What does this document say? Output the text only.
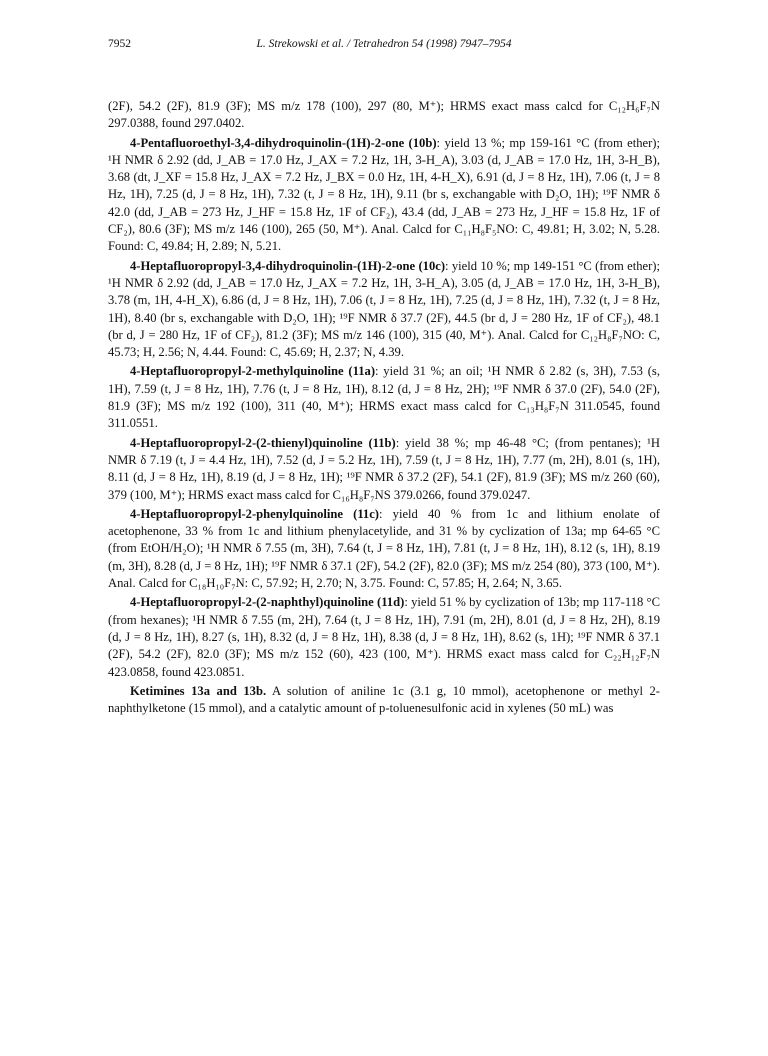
7952	L. Strekowski et al. / Tetrahedron 54 (1998) 7947–7954

(2F), 54.2 (2F), 81.9 (3F); MS m/z 178 (100), 297 (80, M⁺); HRMS exact mass calcd for C₁₂H₆F₇N 297.0388, found 297.0402.

4-Pentafluoroethyl-3,4-dihydroquinolin-(1H)-2-one (10b): yield 13 %; mp 159-161 °C (from ether); ¹H NMR δ 2.92 (dd, J_AB = 17.0 Hz, J_AX = 7.2 Hz, 1H, 3-H_A), 3.03 (d, J_AB = 17.0 Hz, 1H, 3-H_B), 3.68 (dt, J_XF = 15.8 Hz, J_AX = 7.2 Hz, J_BX = 0.0 Hz, 1H, 4-H_X), 6.91 (d, J = 8 Hz, 1H), 7.06 (t, J = 8 Hz, 1H), 7.25 (d, J = 8 Hz, 1H), 7.32 (t, J = 8 Hz, 1H), 9.11 (br s, exchangable with D₂O, 1H); ¹⁹F NMR δ 42.0 (dd, J_AB = 273 Hz, J_HF = 15.8 Hz, 1F of CF₂), 43.4 (dd, J_AB = 273 Hz, J_HF = 15.8 Hz, 1F of CF₂), 80.6 (3F); MS m/z 146 (100), 265 (50, M⁺). Anal. Calcd for C₁₁H₈F₅NO: C, 49.81; H, 3.02; N, 5.28. Found: C, 49.84; H, 2.89; N, 5.21.

4-Heptafluoropropyl-3,4-dihydroquinolin-(1H)-2-one (10c): yield 10 %; mp 149-151 °C (from ether); ¹H NMR δ 2.92 (dd, J_AB = 17.0 Hz, J_AX = 7.2 Hz, 1H, 3-H_A), 3.05 (d, J_AB = 17.0 Hz, 1H, 3-H_B), 3.78 (m, 1H, 4-H_X), 6.86 (d, J = 8 Hz, 1H), 7.06 (t, J = 8 Hz, 1H), 7.25 (d, J = 8 Hz, 1H), 7.32 (t, J = 8 Hz, 1H), 8.40 (br s, exchangable with D₂O, 1H); ¹⁹F NMR δ 37.7 (2F), 44.5 (br d, J = 280 Hz, 1F of CF₂), 48.1 (br d, J = 280 Hz, 1F of CF₂), 81.2 (3F); MS m/z 146 (100), 315 (40, M⁺). Anal. Calcd for C₁₂H₈F₇NO: C, 45.73; H, 2.56; N, 4.44. Found: C, 45.69; H, 2.37; N, 4.39.

4-Heptafluoropropyl-2-methylquinoline (11a): yield 31 %; an oil; ¹H NMR δ 2.82 (s, 3H), 7.53 (s, 1H), 7.59 (t, J = 8 Hz, 1H), 7.76 (t, J = 8 Hz, 1H), 8.12 (d, J = 8 Hz, 2H); ¹⁹F NMR δ 37.0 (2F), 54.0 (2F), 81.9 (3F); MS m/z 192 (100), 311 (40, M⁺); HRMS exact mass calcd for C₁₃H₈F₇N 311.0545, found 311.0551.

4-Heptafluoropropyl-2-(2-thienyl)quinoline (11b): yield 38 %; mp 46-48 °C; (from pentanes); ¹H NMR δ 7.19 (t, J = 4.4 Hz, 1H), 7.52 (d, J = 5.2 Hz, 1H), 7.59 (t, J = 8 Hz, 1H), 7.77 (m, 2H), 8.01 (s, 1H), 8.11 (d, J = 8 Hz, 1H), 8.19 (d, J = 8 Hz, 1H); ¹⁹F NMR δ 37.2 (2F), 54.1 (2F), 81.9 (3F); MS m/z 260 (60), 379 (100, M⁺); HRMS exact mass calcd for C₁₆H₈F₇NS 379.0266, found 379.0247.

4-Heptafluoropropyl-2-phenylquinoline (11c): yield 40 % from 1c and lithium enolate of acetophenone, 33 % from 1c and lithium phenylacetylide, and 31 % by cyclization of 13a; mp 64-65 °C (from EtOH/H₂O); ¹H NMR δ 7.55 (m, 3H), 7.64 (t, J = 8 Hz, 1H), 7.81 (t, J = 8 Hz, 1H), 8.12 (s, 1H), 8.19 (m, 3H), 8.28 (d, J = 8 Hz, 1H); ¹⁹F NMR δ 37.1 (2F), 54.2 (2F), 82.0 (3F); MS m/z 254 (80), 373 (100, M⁺). Anal. Calcd for C₁₈H₁₀F₇N: C, 57.92; H, 2.70; N, 3.75. Found: C, 57.85; H, 2.64; N, 3.65.

4-Heptafluoropropyl-2-(2-naphthyl)quinoline (11d): yield 51 % by cyclization of 13b; mp 117-118 °C (from hexanes); ¹H NMR δ 7.55 (m, 2H), 7.64 (t, J = 8 Hz, 1H), 7.91 (m, 2H), 8.01 (d, J = 8 Hz, 2H), 8.19 (d, J = 8 Hz, 1H), 8.27 (s, 1H), 8.32 (d, J = 8 Hz, 1H), 8.38 (d, J = 8 Hz, 1H), 8.62 (s, 1H); ¹⁹F NMR δ 37.1 (2F), 54.2 (2F), 82.0 (3F); MS m/z 152 (60), 423 (100, M⁺). HRMS exact mass calcd for C₂₂H₁₂F₇N 423.0858, found 423.0851.

Ketimines 13a and 13b. A solution of aniline 1c (3.1 g, 10 mmol), acetophenone or methyl 2-naphthylketone (15 mmol), and a catalytic amount of p-toluenesulfonic acid in xylenes (50 mL) was
